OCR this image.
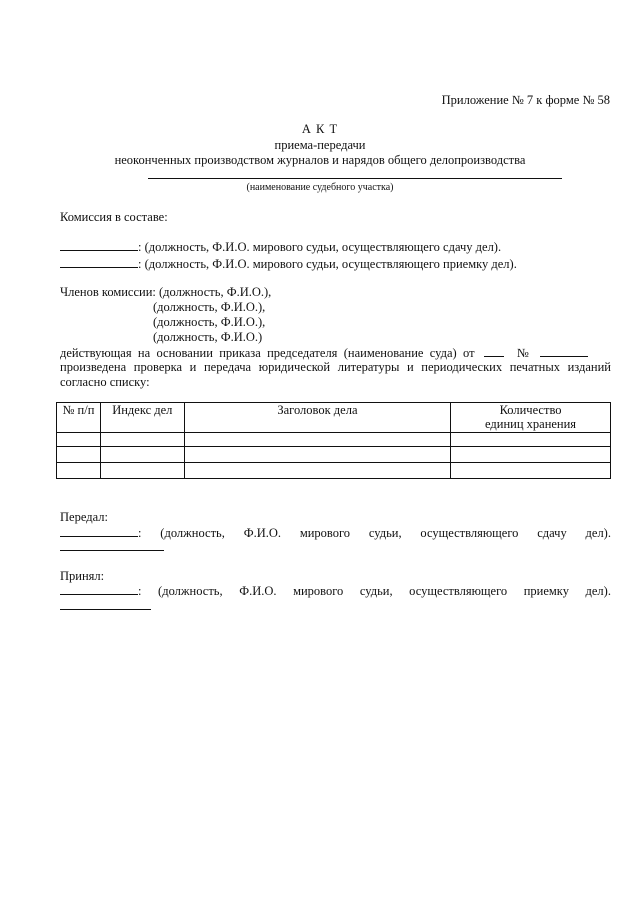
Приложение № 7 к форме № 58
А К Т
приема-передачи
неоконченных производством журналов и нарядов общего делопроизводства
(наименование судебного участка)
Комиссия в составе:
: (должность, Ф.И.О. мирового судьи, осуществляющего сдачу дел).
: (должность, Ф.И.О. мирового судьи, осуществляющего приемку дел).
Членов комиссии: (должность, Ф.И.О.),
(должность, Ф.И.О.),
(должность, Ф.И.О.),
(должность, Ф.И.О.)
действующая на основании приказа председателя (наименование суда) от	№
произведена проверка и передача юридической литературы и периодических печатных изданий
согласно списку:
№ п/п	Индекс дел	Заголовок дела	Количество единиц хранения

Передал:
: (должность, Ф.И.О. мирового судьи, осуществляющего сдачу дел).
Принял:
: (должность, Ф.И.О. мирового судьи, осуществляющего приемку дел).
